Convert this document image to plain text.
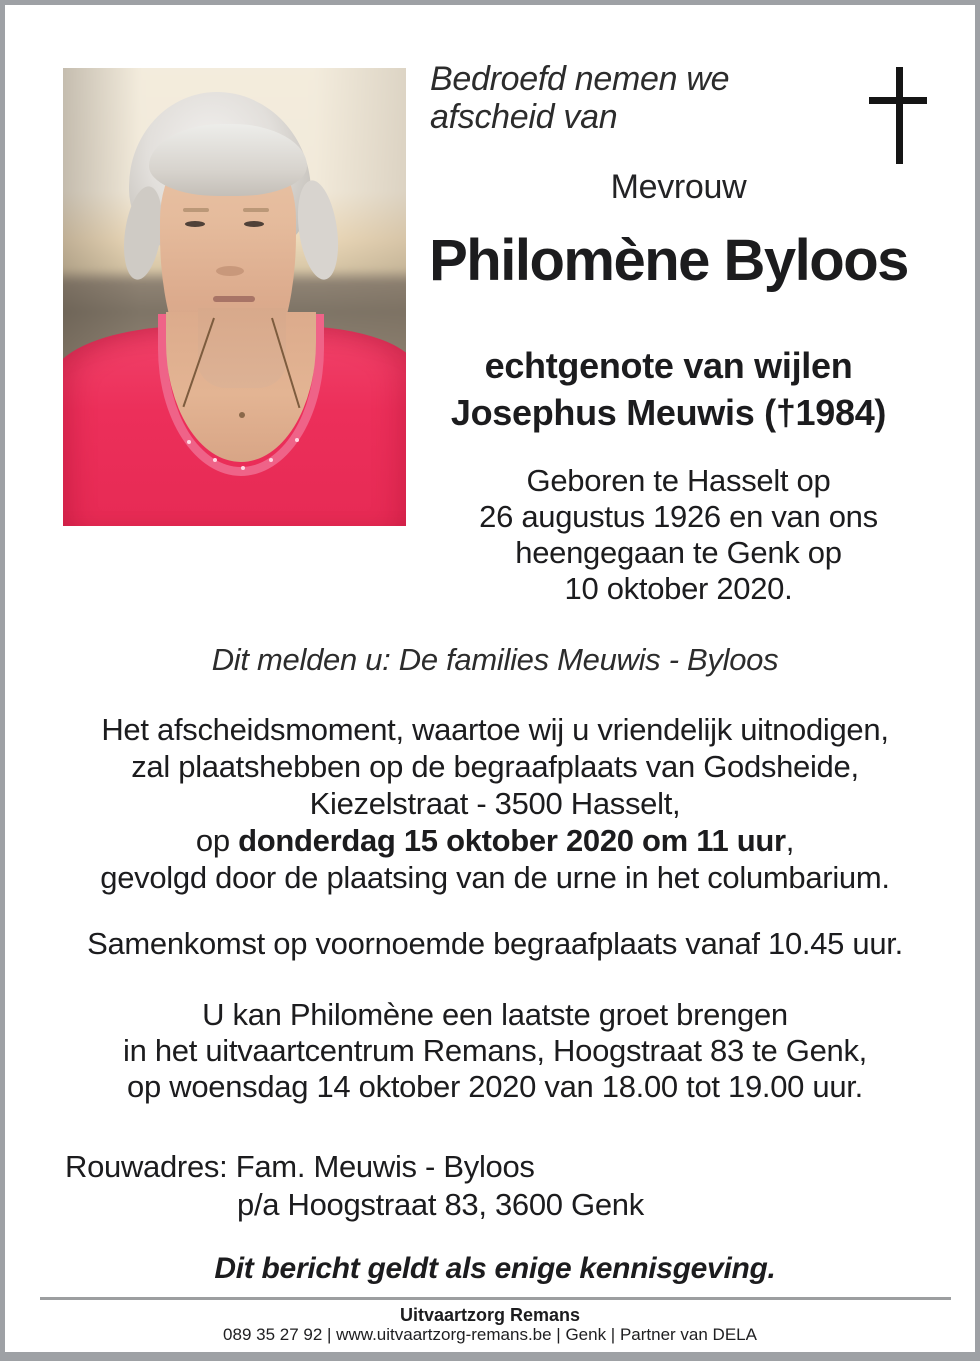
Bedroefd nemen we
afscheid van
Mevrouw
Philomène Byloos
echtgenote van wijlen
Josephus Meuwis (†1984)
Geboren te Hasselt op
26 augustus 1926 en van ons
heengegaan te Genk op
10 oktober 2020.
Dit melden u: De families Meuwis - Byloos
Het afscheidsmoment, waartoe wij u vriendelijk uitnodigen,
zal plaatshebben op de begraafplaats van Godsheide,
Kiezelstraat - 3500 Hasselt,
op donderdag 15 oktober 2020 om 11 uur,
gevolgd door de plaatsing van de urne in het columbarium.
Samenkomst op voornoemde begraafplaats vanaf 10.45 uur.
U kan Philomène een laatste groet brengen
in het uitvaartcentrum Remans, Hoogstraat 83 te Genk,
op woensdag 14 oktober 2020 van 18.00 tot 19.00 uur.
Rouwadres: Fam. Meuwis - Byloos
p/a Hoogstraat 83, 3600 Genk
Dit bericht geldt als enige kennisgeving.
Uitvaartzorg Remans
089 35 27 92 | www.uitvaartzorg-remans.be | Genk | Partner van DELA
